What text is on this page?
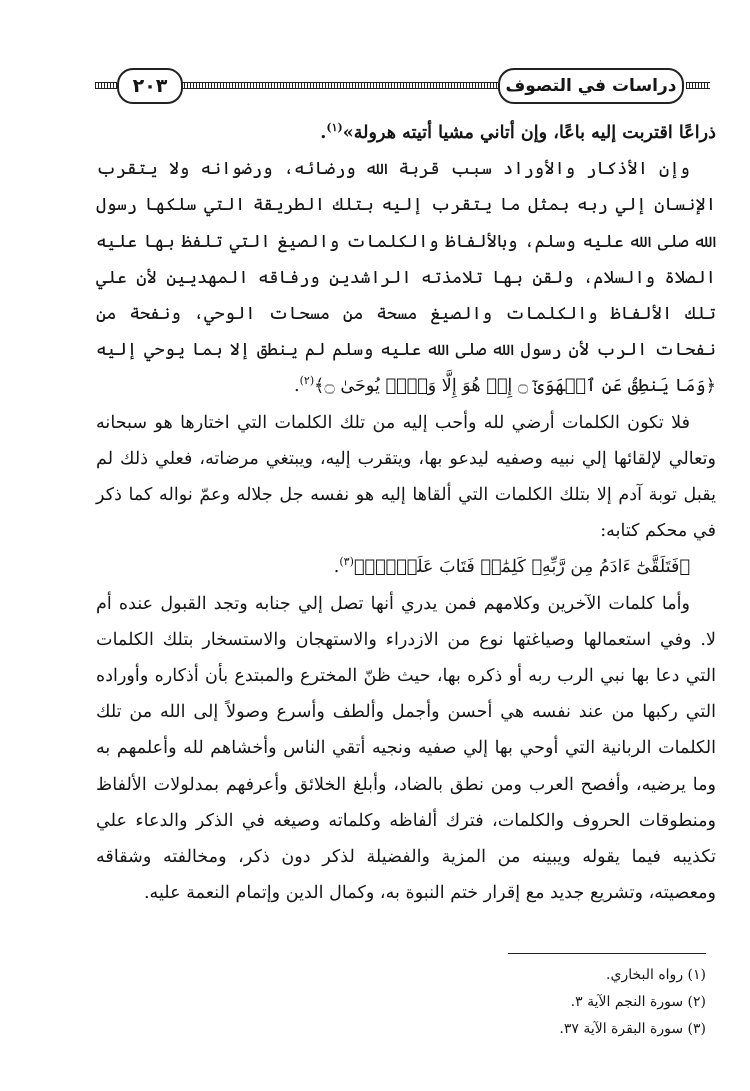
دراسات في التصوف
٢٠٣

ذراعًا اقتربت إليه باعًا، وإن أتاني مشيا أتيته هرولة»$^{(١)}$.

وإن الأذكار والأوراد سبب قربة الله ورضائه، ورضوانه ولا يتقرب الإنسان إلي ربه بمثل ما يتقرب إليه بتلك الطريقة التي سلكها رسول الله صلى الله عليه وسلم، وبالألفاظ والكلمات والصيغ التي تلفظ بها عليه الصلاة والسلام، ولقن بها تلامذته الراشدين ورفاقه المهديين لأن علي تلك الألفاظ والكلمات والصيغ مسحة من مسحات الوحي، ونفحة من نفحات الرب لأن رسول الله صلى الله عليه وسلم لم ينطق إلا بما يوحي إليه ﴿وَمَا يَنطِقُ عَنِ ٱلۡهَوَىٰٓ ۝ إِنۡ هُوَ إِلَّا وَحۡيٞ يُوحَىٰ ۝﴾$^{(٢)}$.

فلا تكون الكلمات أرضي لله وأحب إليه من تلك الكلمات التي اختارها هو سبحانه وتعالي لإلقائها إلي نبيه وصفيه ليدعو بها، ويتقرب إليه، ويبتغي مرضاته، فعلي ذلك لم يقبل توبة آدم إلا بتلك الكلمات التي ألقاها إليه هو نفسه جل جلاله وعمّ نواله كما ذكر في محكم كتابه:

﴿فَتَلَقَّىٰٓ ءَادَمُ مِن رَّبِّهِۦ كَلِمَٰتٖ فَتَابَ عَلَيۡهِۚ﴾$^{(٣)}$.

وأما كلمات الآخرين وكلامهم فمن يدري أنها تصل إلي جنابه وتجد القبول عنده أم لا. وفي استعمالها وصياغتها نوع من الازدراء والاستهجان والاستسخار بتلك الكلمات التي دعا بها نبي الرب ربه أو ذكره بها، حيث ظنّ المخترع والمبتدع بأن أذكاره وأوراده التي ركبها من عند نفسه هي أحسن وأجمل وألطف وأسرع وصولاً إلى الله من تلك الكلمات الربانية التي أوحي بها إلي صفيه ونجيه أتقي الناس وأخشاهم لله وأعلمهم به وما يرضيه، وأفصح العرب ومن نطق بالضاد، وأبلغ الخلائق وأعرفهم بمدلولات الألفاظ ومنطوقات الحروف والكلمات، فترك ألفاظه وكلماته وصيغه في الذكر والدعاء علي تكذيبه فيما يقوله ويبينه من المزية والفضيلة لذكر دون ذكر، ومخالفته وشقاقه ومعصيته، وتشريع جديد مع إقرار ختم النبوة به، وكمال الدين وإتمام النعمة عليه.

(١) رواه البخاري.

(٢) سورة النجم الآية ٣.

(٣) سورة البقرة الآية ٣٧.
